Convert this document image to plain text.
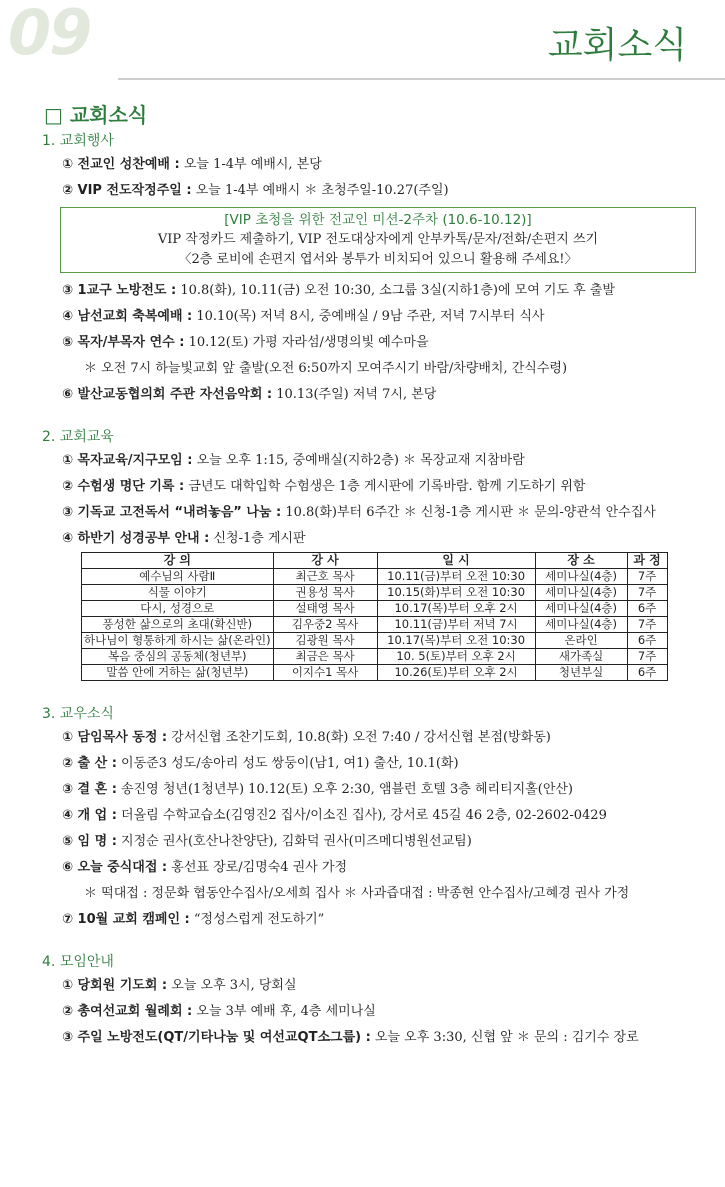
09	교회소식
□ 교회소식
1. 교회행사
① 전교인 성찬예배 : 오늘 1-4부 예배시, 본당
② VIP 전도작정주일 : 오늘 1-4부 예배시 ＊ 초청주일-10.27(주일)
[VIP 초청을 위한 전교인 미션-2주차 (10.6-10.12)]
VIP 작정카드 제출하기, VIP 전도대상자에게 안부카톡/문자/전화/손편지 쓰기
〈2층 로비에 손편지 엽서와 봉투가 비치되어 있으니 활용해 주세요!〉
③ 1교구 노방전도 : 10.8(화), 10.11(금) 오전 10:30, 소그룹 3실(지하1층)에 모여 기도 후 출발
④ 남선교회 축복예배 : 10.10(목) 저녁 8시, 중예배실 / 9남 주관, 저녁 7시부터 식사
⑤ 목자/부목자 연수 : 10.12(토) 가평 자라섬/생명의빛 예수마을
＊ 오전 7시 하늘빛교회 앞 출발(오전 6:50까지 모여주시기 바람/차량배치, 간식수령)
⑥ 발산교동협의회 주관 자선음악회 : 10.13(주일) 저녁 7시, 본당
2. 교회교육
① 목자교육/지구모임 : 오늘 오후 1:15, 중예배실(지하2층) ＊ 목장교재 지참바람
② 수험생 명단 기록 : 금년도 대학입학 수험생은 1층 게시판에 기록바람. 함께 기도하기 위함
③ 기독교 고전독서 “내려놓음” 나눔 : 10.8(화)부터 6주간 ＊ 신청-1층 게시판 ＊ 문의-양관석 안수집사
④ 하반기 성경공부 안내 : 신청-1층 게시판
강 의	강 사	일 시	장 소	과 정
예수님의 사람Ⅱ	최근호 목사	10.11(금)부터 오전 10:30	세미나실(4층)	7주
식물 이야기	권용성 목사	10.15(화)부터 오전 10:30	세미나실(4층)	7주
다시, 성경으로	설태영 목사	10.17(목)부터 오후 2시	세미나실(4층)	6주
풍성한 삶으로의 초대(확신반)	김우중2 목사	10.11(금)부터 저녁 7시	세미나실(4층)	7주
하나님이 형통하게 하시는 삶(온라인)	김광원 목사	10.17(목)부터 오전 10:30	온라인	6주
복음 중심의 공동체(청년부)	최금은 목사	10. 5(토)부터 오후 2시	새가족실	7주
말씀 안에 거하는 삶(청년부)	이지수1 목사	10.26(토)부터 오후 2시	청년부실	6주
3. 교우소식
① 담임목사 동정 : 강서신협 조찬기도회, 10.8(화) 오전 7:40 / 강서신협 본점(방화동)
② 출 산 : 이동준3 성도/송아리 성도 쌍둥이(남1, 여1) 출산, 10.1(화)
③ 결 혼 : 송진영 청년(1청년부) 10.12(토) 오후 2:30, 앰블런 호텔 3층 헤리티지홀(안산)
④ 개 업 : 더올림 수학교습소(김영진2 집사/이소진 집사), 강서로 45길 46 2층, 02-2602-0429
⑤ 임 명 : 지정순 권사(호산나찬양단), 김화덕 권사(미즈메디병원선교팀)
⑥ 오늘 중식대접 : 홍선표 장로/김명숙4 권사 가정
＊ 떡대접 : 정문화 협동안수집사/오세희 집사 ＊ 사과즙대접 : 박종현 안수집사/고혜경 권사 가정
⑦ 10월 교회 캠페인 : “정성스럽게 전도하기”
4. 모임안내
① 당회원 기도회 : 오늘 오후 3시, 당회실
② 총여선교회 월례회 : 오늘 3부 예배 후, 4층 세미나실
③ 주일 노방전도(QT/기타나눔 및 여선교QT소그룹) : 오늘 오후 3:30, 신협 앞 ＊ 문의 : 김기수 장로
